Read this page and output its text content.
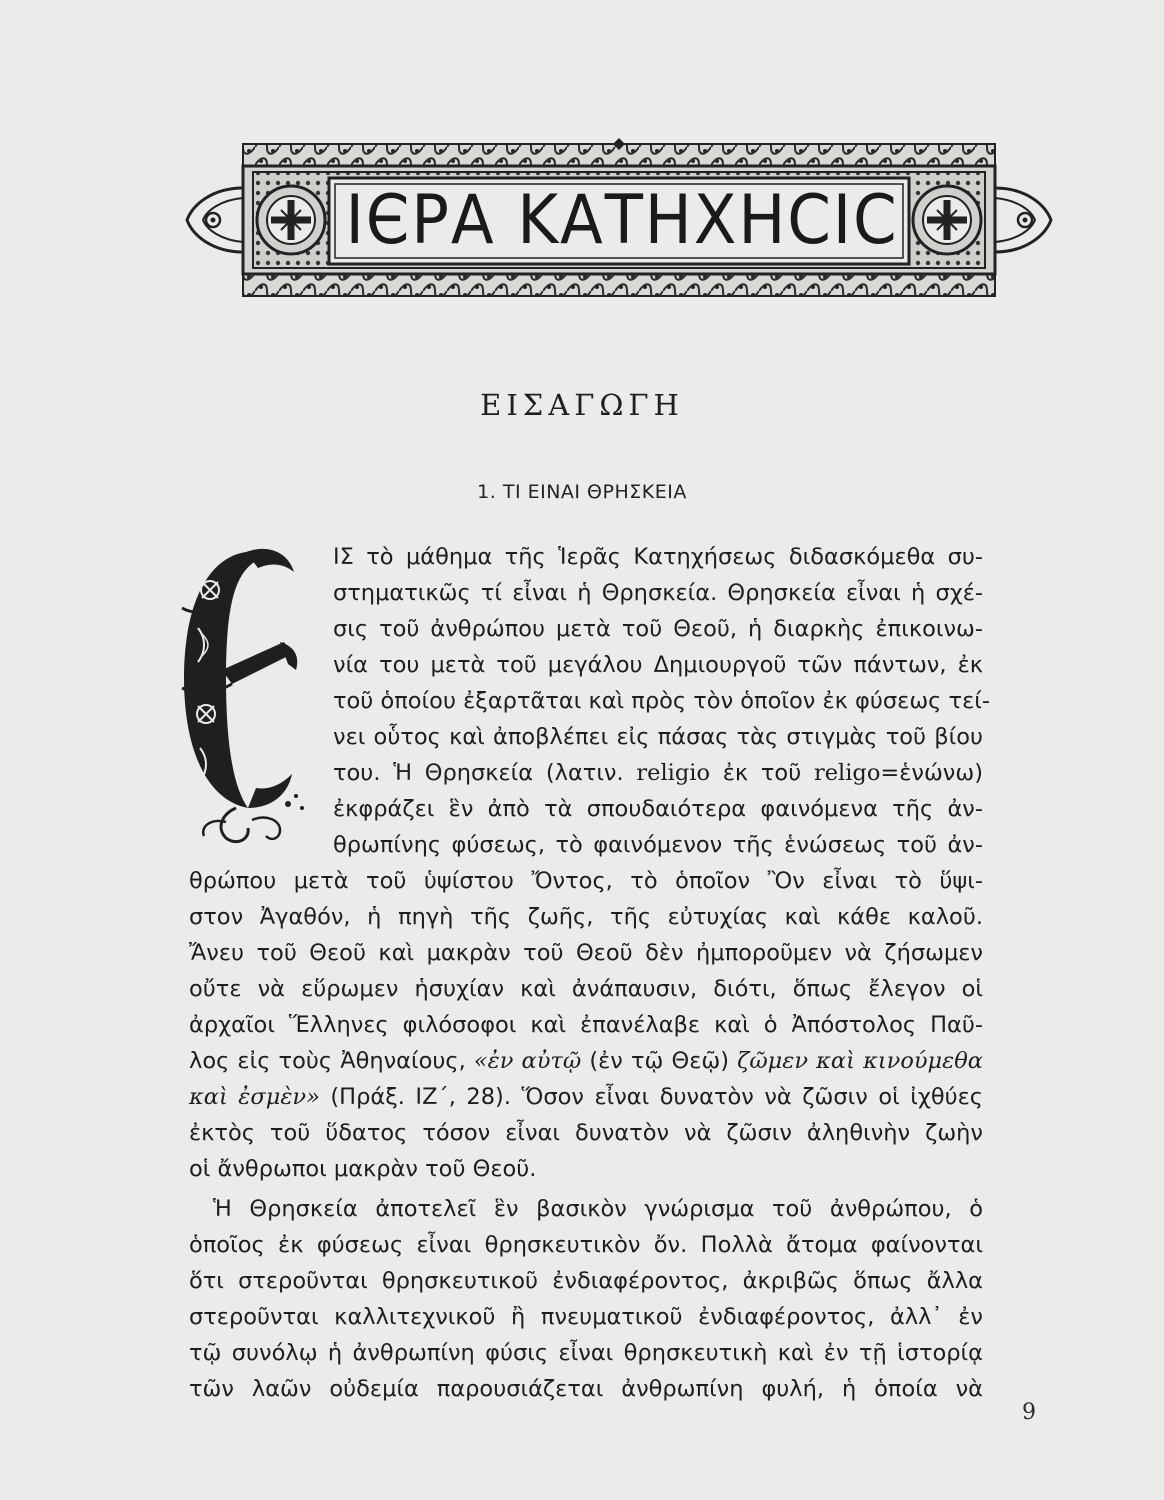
ΙЄΡΑ ΚΑΤΗΧΗCΙC
ΕΙΣΑΓΩΓΗ
1. ΤΙ ΕΙΝΑΙ ΘΡΗΣΚΕΙΑ
ΙΣ τὸ μάθημα τῆς Ἱερᾶς Κατηχήσεως διδασκόμεθα συ-
στηματικῶς τί εἶναι ἡ Θρησκεία. Θρησκεία εἶναι ἡ σχέ-
σις τοῦ ἀνθρώπου μετὰ τοῦ Θεοῦ, ἡ διαρκὴς ἐπικοινω-
νία του μετὰ τοῦ μεγάλου Δημιουργοῦ τῶν πάντων, ἐκ
τοῦ ὁποίου ἐξαρτᾶται καὶ πρὸς τὸν ὁποῖον ἐκ φύσεως τεί-
νει οὗτος καὶ ἀποβλέπει εἰς πάσας τὰς στιγμὰς τοῦ βίου
του. Ἡ Θρησκεία (λατιν. religio ἐκ τοῦ religo=ἑνώνω)
ἐκφράζει ἓν ἀπὸ τὰ σπουδαιότερα φαινόμενα τῆς ἀν-
θρωπίνης φύσεως, τὸ φαινόμενον τῆς ἑνώσεως τοῦ ἀν-
θρώπου μετὰ τοῦ ὑψίστου Ὄντος, τὸ ὁποῖον Ὂν εἶναι τὸ ὕψι-
στον Ἀγαθόν, ἡ πηγὴ τῆς ζωῆς, τῆς εὐτυχίας καὶ κάθε καλοῦ.
Ἄνευ τοῦ Θεοῦ καὶ μακρὰν τοῦ Θεοῦ δὲν ἠμποροῦμεν νὰ ζήσωμεν
οὔτε νὰ εὕρωμεν ἡσυχίαν καὶ ἀνάπαυσιν, διότι, ὅπως ἔλεγον οἱ
ἀρχαῖοι Ἕλληνες φιλόσοφοι καὶ ἐπανέλαβε καὶ ὁ Ἀπόστολος Παῦ-
λος εἰς τοὺς Ἀθηναίους, «ἐν αὐτῷ (ἐν τῷ Θεῷ) ζῶμεν καὶ κινούμεθα
καὶ ἐσμὲν» (Πράξ. ΙΖ΄, 28). Ὅσον εἶναι δυνατὸν νὰ ζῶσιν οἱ ἰχθύες
ἐκτὸς τοῦ ὕδατος τόσον εἶναι δυνατὸν νὰ ζῶσιν ἀληθινὴν ζωὴν
οἱ ἄνθρωποι μακρὰν τοῦ Θεοῦ.
Ἡ Θρησκεία ἀποτελεῖ ἓν βασικὸν γνώρισμα τοῦ ἀνθρώπου, ὁ
ὁποῖος ἐκ φύσεως εἶναι θρησκευτικὸν ὄν. Πολλὰ ἄτομα φαίνονται
ὅτι στεροῦνται θρησκευτικοῦ ἐνδιαφέροντος, ἀκριβῶς ὅπως ἄλλα
στεροῦνται καλλιτεχνικοῦ ἢ πνευματικοῦ ἐνδιαφέροντος, ἀλλ᾽ ἐν
τῷ συνόλῳ ἡ ἀνθρωπίνη φύσις εἶναι θρησκευτικὴ καὶ ἐν τῇ ἱστορίᾳ
τῶν λαῶν οὐδεμία παρουσιάζεται ἀνθρωπίνη φυλή, ἡ ὁποία νὰ
9
